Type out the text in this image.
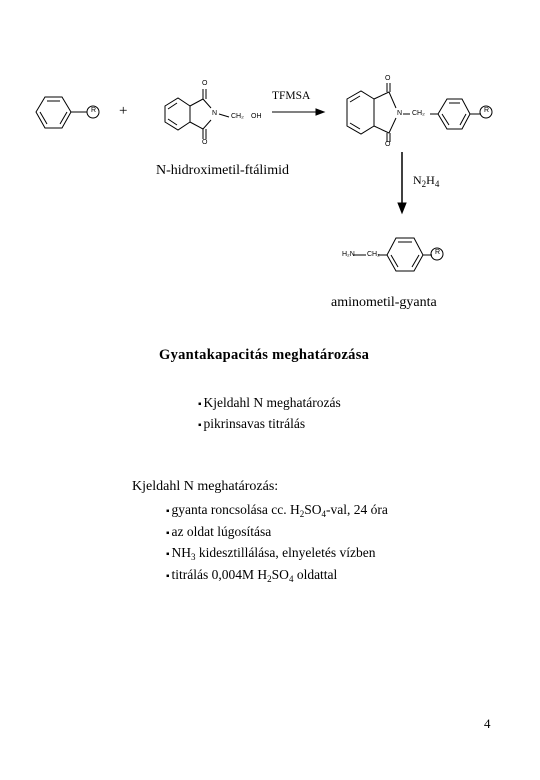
R	R
R
+	N
O
O
CH₂ OH
TFMSA
N
O
O
CH₂
H₂N CH₂
N-hidroximetil-ftálimid
$N_2H_4$
aminometil-gyanta
Gyantakapacitás meghatározása
▪ Kjeldahl N meghatározás
▪ pikrinsavas titrálás
Kjeldahl N meghatározás:
▪ gyanta roncsolása cc. $H_2SO_4$-val, 24 óra
▪ az oldat lúgosítása
▪ $NH_3$ kidesztillálása, elnyeletés vízben
▪ titrálás 0,004M $H_2SO_4$ oldattal
4
